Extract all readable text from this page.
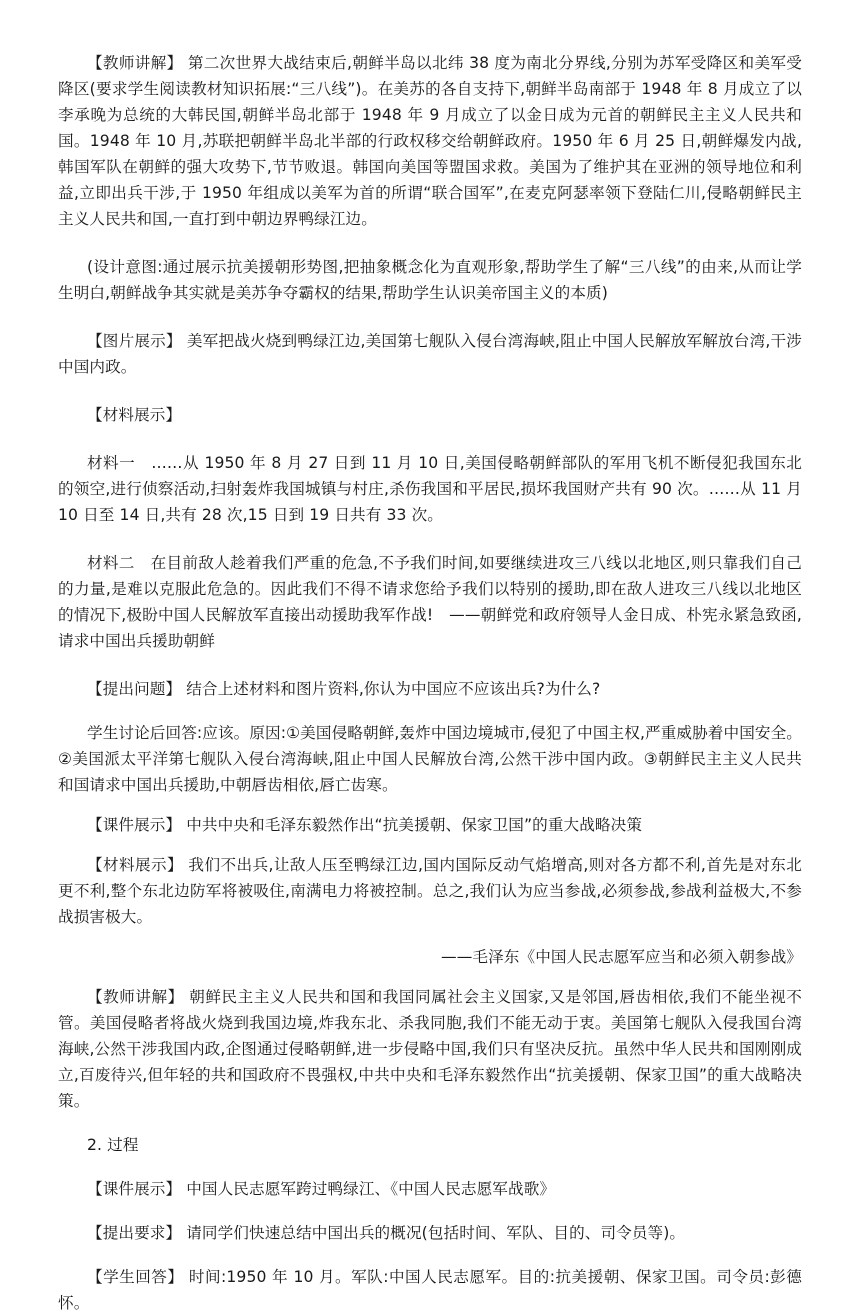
【教师讲解】 第二次世界大战结束后,朝鲜半岛以北纬 38 度为南北分界线,分别为苏军受降区和美军受降区(要求学生阅读教材知识拓展:“三八线”)。在美苏的各自支持下,朝鲜半岛南部于 1948 年 8 月成立了以李承晚为总统的大韩民国,朝鲜半岛北部于 1948 年 9 月成立了以金日成为元首的朝鲜民主主义人民共和国。1948 年 10 月,苏联把朝鲜半岛北半部的行政权移交给朝鲜政府。1950 年 6 月 25 日,朝鲜爆发内战,韩国军队在朝鲜的强大攻势下,节节败退。韩国向美国等盟国求救。美国为了维护其在亚洲的领导地位和利益,立即出兵干涉,于 1950 年组成以美军为首的所谓“联合国军”,在麦克阿瑟率领下登陆仁川,侵略朝鲜民主主义人民共和国,一直打到中朝边界鸭绿江边。

(设计意图:通过展示抗美援朝形势图,把抽象概念化为直观形象,帮助学生了解“三八线”的由来,从而让学生明白,朝鲜战争其实就是美苏争夺霸权的结果,帮助学生认识美帝国主义的本质)

【图片展示】 美军把战火烧到鸭绿江边,美国第七舰队入侵台湾海峡,阻止中国人民解放军解放台湾,干涉中国内政。

【材料展示】

材料一　……从 1950 年 8 月 27 日到 11 月 10 日,美国侵略朝鲜部队的军用飞机不断侵犯我国东北的领空,进行侦察活动,扫射轰炸我国城镇与村庄,杀伤我国和平居民,损坏我国财产共有 90 次。……从 11 月 10 日至 14 日,共有 28 次,15 日到 19 日共有 33 次。

材料二　在目前敌人趁着我们严重的危急,不予我们时间,如要继续进攻三八线以北地区,则只靠我们自己的力量,是难以克服此危急的。因此我们不得不请求您给予我们以特别的援助,即在敌人进攻三八线以北地区的情况下,极盼中国人民解放军直接出动援助我军作战!　——朝鲜党和政府领导人金日成、朴宪永紧急致函,请求中国出兵援助朝鲜

【提出问题】 结合上述材料和图片资料,你认为中国应不应该出兵?为什么?

学生讨论后回答:应该。原因:①美国侵略朝鲜,轰炸中国边境城市,侵犯了中国主权,严重威胁着中国安全。②美国派太平洋第七舰队入侵台湾海峡,阻止中国人民解放台湾,公然干涉中国内政。③朝鲜民主主义人民共和国请求中国出兵援助,中朝唇齿相依,唇亡齿寒。

【课件展示】 中共中央和毛泽东毅然作出“抗美援朝、保家卫国”的重大战略决策

【材料展示】 我们不出兵,让敌人压至鸭绿江边,国内国际反动气焰增高,则对各方都不利,首先是对东北更不利,整个东北边防军将被吸住,南满电力将被控制。总之,我们认为应当参战,必须参战,参战利益极大,不参战损害极大。

——毛泽东《中国人民志愿军应当和必须入朝参战》

【教师讲解】 朝鲜民主主义人民共和国和我国同属社会主义国家,又是邻国,唇齿相依,我们不能坐视不管。美国侵略者将战火烧到我国边境,炸我东北、杀我同胞,我们不能无动于衷。美国第七舰队入侵我国台湾海峡,公然干涉我国内政,企图通过侵略朝鲜,进一步侵略中国,我们只有坚决反抗。虽然中华人民共和国刚刚成立,百废待兴,但年轻的共和国政府不畏强权,中共中央和毛泽东毅然作出“抗美援朝、保家卫国”的重大战略决策。

2. 过程

【课件展示】 中国人民志愿军跨过鸭绿江、《中国人民志愿军战歌》

【提出要求】 请同学们快速总结中国出兵的概况(包括时间、军队、目的、司令员等)。

【学生回答】 时间:1950 年 10 月。军队:中国人民志愿军。目的:抗美援朝、保家卫国。司令员:彭德怀。
